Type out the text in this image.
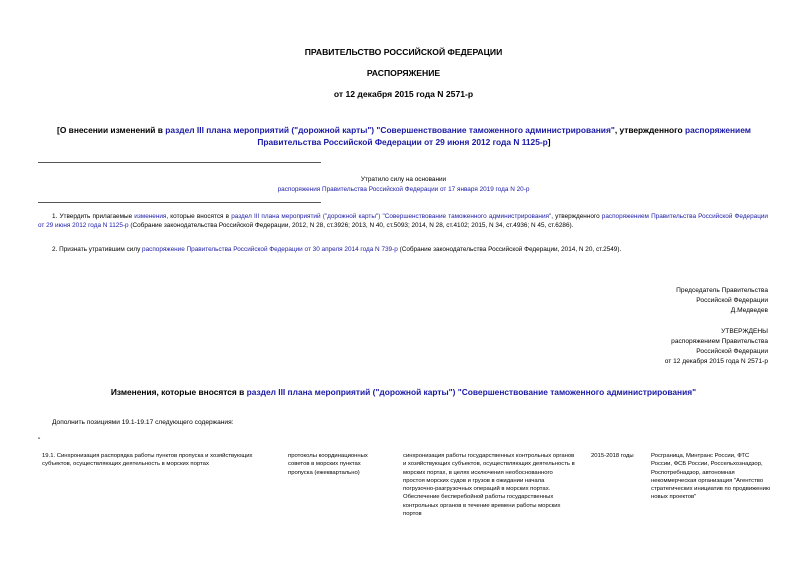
ПРАВИТЕЛЬСТВО РОССИЙСКОЙ ФЕДЕРАЦИИ
РАСПОРЯЖЕНИЕ
от 12 декабря 2015 года N 2571-р
[О внесении изменений в раздел III плана мероприятий ("дорожной карты") "Совершенствование таможенного администрирования", утвержденного распоряжением
Правительства Российской Федерации от 29 июня 2012 года N 1125-р]
Утратило силу на основании
распоряжения Правительства Российской Федерации от 17 января 2019 года N 20-р
1. Утвердить прилагаемые изменения, которые вносятся в раздел III плана мероприятий ("дорожной карты") "Совершенствование таможенного администрирования", утвержденного распоряжением Правительства Российской Федерации от 29 июня 2012 года N 1125-р (Собрание законодательства Российской Федерации, 2012, N 28, ст.3926; 2013, N 40, ст.5093; 2014, N 28, ст.4102; 2015, N 34, ст.4936; N 45, ст.6286).
2. Признать утратившим силу распоряжение Правительства Российской Федерации от 30 апреля 2014 года N 739-р (Собрание законодательства Российской Федерации, 2014, N 20, ст.2549).
Председатель Правительства
Российской Федерации
Д.Медведев
УТВЕРЖДЕНЫ
распоряжением Правительства
Российской Федерации
от 12 декабря 2015 года N 2571-р
Изменения, которые вносятся в раздел III плана мероприятий ("дорожной карты") "Совершенствование таможенного администрирования"
Дополнить позициями 19.1-19.17 следующего содержания:
"
19.1. Синхронизация распорядка работы пунктов пропуска и хозяйствующих субъектов, осуществляющих деятельность в морских портах
протоколы координационных советов в морских пунктах пропуска (ежеквартально)
синхронизация работы государственных контрольных органов и хозяйствующих субъектов, осуществляющих деятельность в морских портах, в целях исключения необоснованного простоя морских судов и грузов в ожидании начала погрузочно-разгрузочных операций в морских портах. Обеспечение бесперебойной работы государственных контрольных органов в течение времени работы морских портов
2015-2018 годы	Росграница, Минтранс России, ФТС России, ФСБ России, Россельхознадзор, Роспотребнадзор, автономная некоммерческая организация "Агентство стратегических инициатив по продвижению новых проектов"
